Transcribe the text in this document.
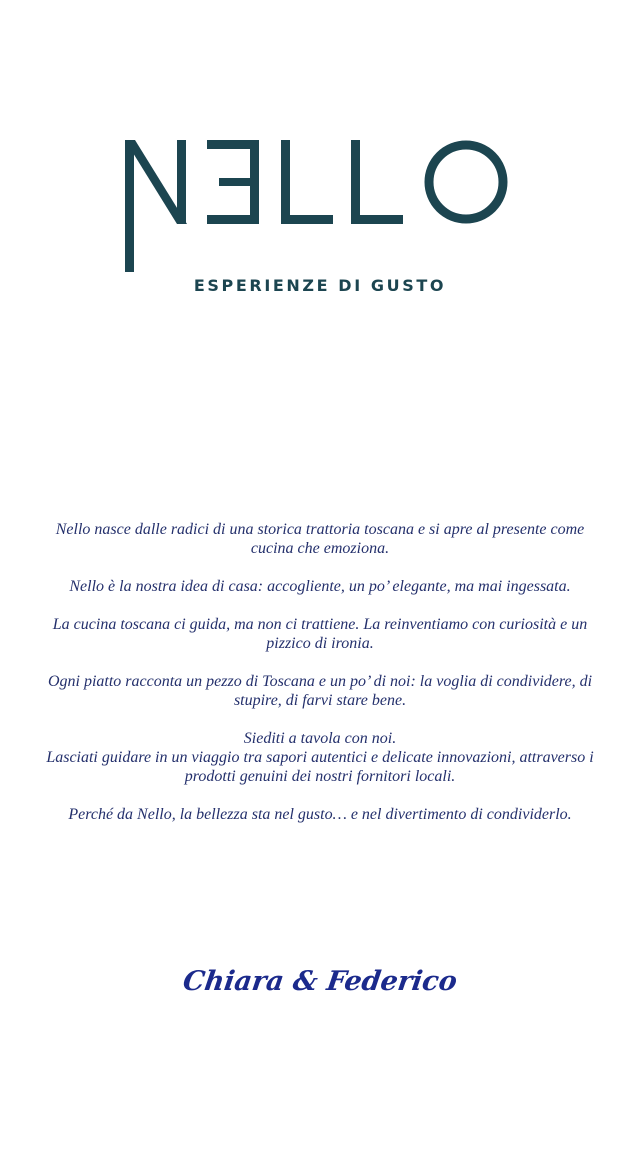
ESPERIENZE DI GUSTO

Nello nasce dalle radici di una storica trattoria toscana e si apre al presente come cucina che emoziona.

Nello è la nostra idea di casa: accogliente, un po’ elegante, ma mai ingessata.

La cucina toscana ci guida, ma non ci trattiene. La reinventiamo con curiosità e un pizzico di ironia.

Ogni piatto racconta un pezzo di Toscana e un po’ di noi: la voglia di condividere, di stupire, di farvi stare bene.

Siediti a tavola con noi.
Lasciati guidare in un viaggio tra sapori autentici e delicate innovazioni, attraverso i prodotti genuini dei nostri fornitori locali.

Perché da Nello, la bellezza sta nel gusto… e nel divertimento di condividerlo.

Chiara & Federico
